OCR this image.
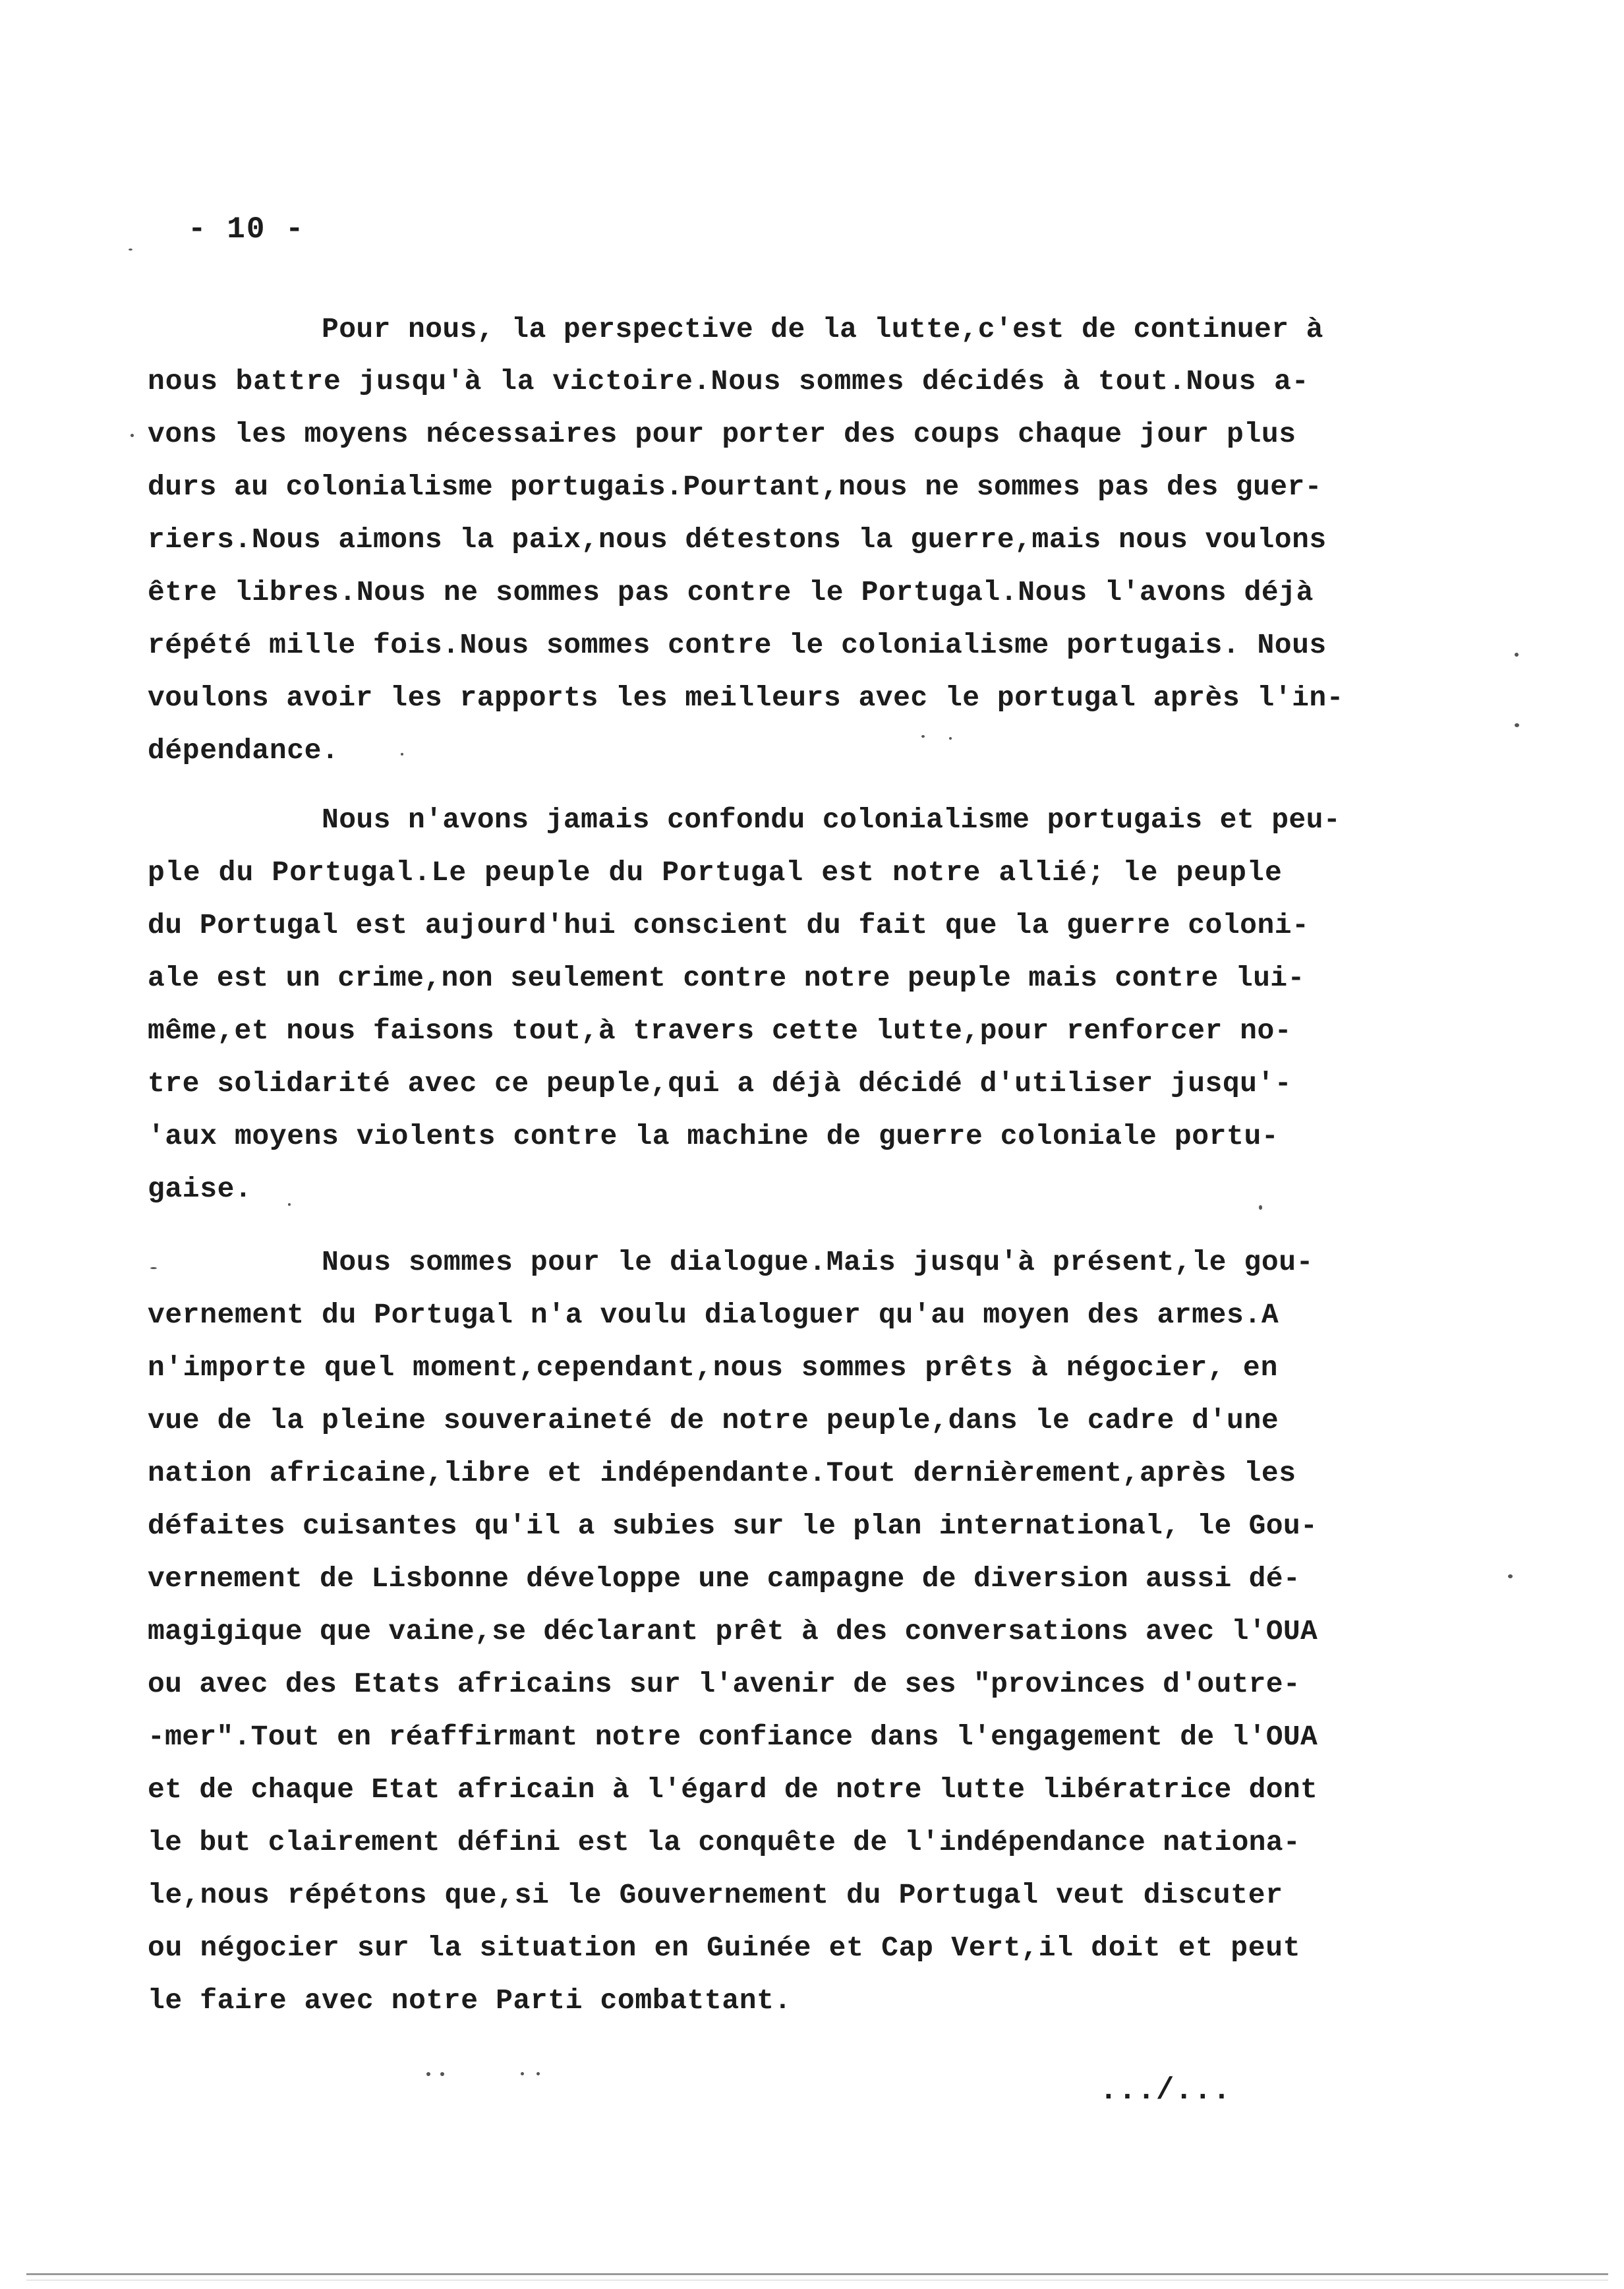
- 10 -
Pour nous, la perspective de la lutte,c'est de continuer à
nous battre jusqu'à la victoire.Nous sommes décidés à tout.Nous a-
vons les moyens nécessaires pour porter des coups chaque jour plus
durs au colonialisme portugais.Pourtant,nous ne sommes pas des guer-
riers.Nous aimons la paix,nous détestons la guerre,mais nous voulons
être libres.Nous ne sommes pas contre le Portugal.Nous l'avons déjà
répété mille fois.Nous sommes contre le colonialisme portugais. Nous
voulons avoir les rapports les meilleurs avec le portugal après l'in-
dépendance.
Nous n'avons jamais confondu colonialisme portugais et peu-
ple du Portugal.Le peuple du Portugal est notre allié; le peuple
du Portugal est aujourd'hui conscient du fait que la guerre coloni-
ale est un crime,non seulement contre notre peuple mais contre lui-
même,et nous faisons tout,à travers cette lutte,pour renforcer no-
tre solidarité avec ce peuple,qui a déjà décidé d'utiliser jusqu'-
'aux moyens violents contre la machine de guerre coloniale portu-
gaise.
Nous sommes pour le dialogue.Mais jusqu'à présent,le gou-
vernement du Portugal n'a voulu dialoguer qu'au moyen des armes.A
n'importe quel moment,cependant,nous sommes prêts à négocier, en
vue de la pleine souveraineté de notre peuple,dans le cadre d'une
nation africaine,libre et indépendante.Tout dernièrement,après les
défaites cuisantes qu'il a subies sur le plan international, le Gou-
vernement de Lisbonne développe une campagne de diversion aussi dé-
magigique que vaine,se déclarant prêt à des conversations avec l'OUA
ou avec des Etats africains sur l'avenir de ses "provinces d'outre-
-mer".Tout en réaffirmant notre confiance dans l'engagement de l'OUA
et de chaque Etat africain à l'égard de notre lutte libératrice dont
le but clairement défini est la conquête de l'indépendance nationa-
le,nous répétons que,si le Gouvernement du Portugal veut discuter
ou négocier sur la situation en Guinée et Cap Vert,il doit et peut
le faire avec notre Parti combattant.
.../...
